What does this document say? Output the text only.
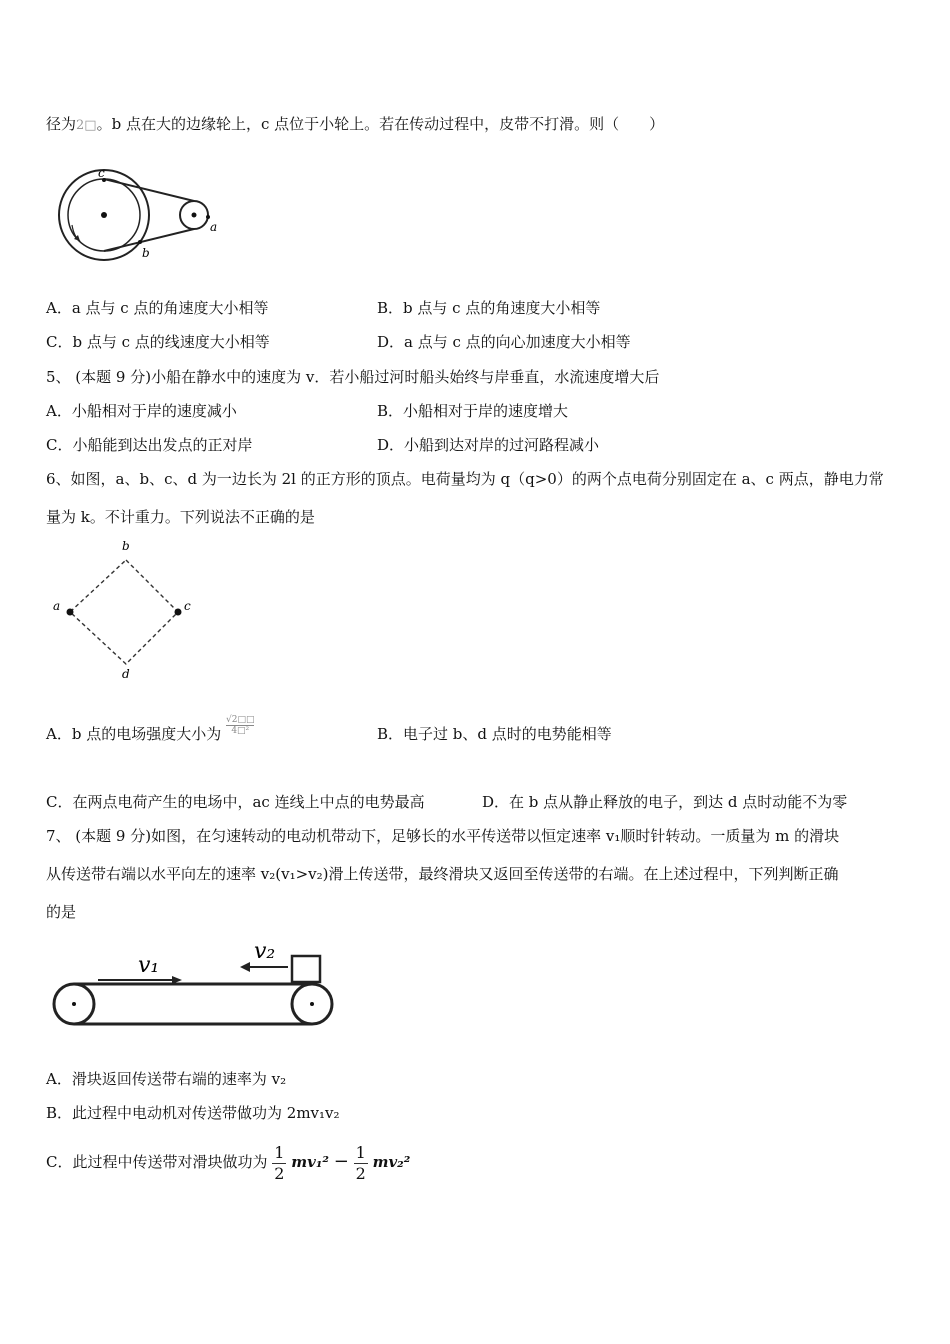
径为2□。b 点在大的边缘轮上，c 点位于小轮上。若在传动过程中，皮带不打滑。则（　　）
c
b
a
A．a 点与 c 点的角速度大小相等	B．b 点与 c 点的角速度大小相等
C．b 点与 c 点的线速度大小相等	D．a 点与 c 点的向心加速度大小相等
5、 (本题 9 分)小船在静水中的速度为 v．若小船过河时船头始终与岸垂直，水流速度增大后
A．小船相对于岸的速度减小	B．小船相对于岸的速度增大
C．小船能到达出发点的正对岸	D．小船到达对岸的过河路程减小
6、如图，a、b、c、d 为一边长为 2l 的正方形的顶点。电荷量均为 q（q>0）的两个点电荷分别固定在 a、c 两点，静电力常
量为 k。不计重力。下列说法不正确的是
b
a	c
d
A．b 点的电场强度大小为 $\frac{√2□□}{\text{4□²}}$	B．电子过 b、d 点时的电势能相等
C．在两点电荷产生的电场中，ac 连线上中点的电势最高	D．在 b 点从静止释放的电子，到达 d 点时动能不为零
7、 (本题 9 分)如图，在匀速转动的电动机带动下，足够长的水平传送带以恒定速率 v₁顺时针转动。一质量为 m 的滑块
从传送带右端以水平向左的速率 v₂(v₁>v₂)滑上传送带，最终滑块又返回至传送带的右端。在上述过程中，下列判断正确
的是
v₁
v₂
A．滑块返回传送带右端的速率为 v₂
B．此过程中电动机对传送带做功为 2mv₁v₂
C．此过程中传送带对滑块做功为 $\frac{1}{2} mv_1^2 - \frac{1}{2} mv_2^2$
